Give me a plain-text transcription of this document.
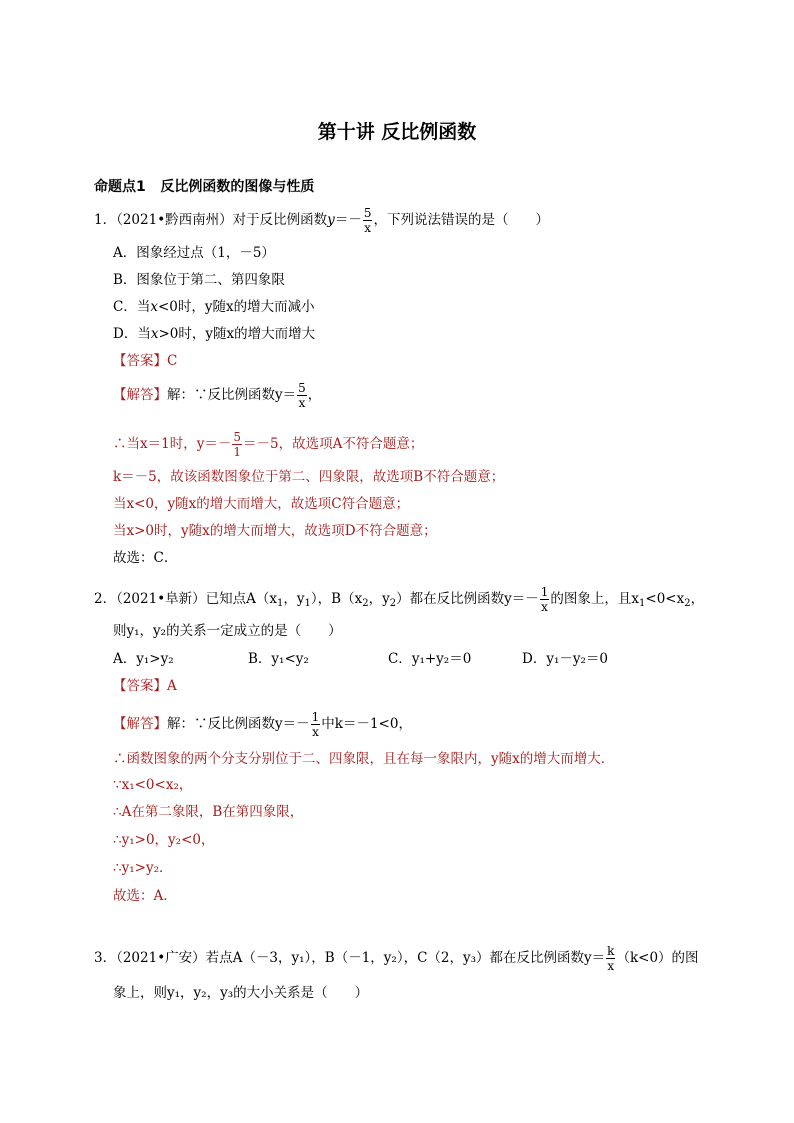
第十讲 反比例函数
命题点1 反比例函数的图像与性质
1．（2021•黔西南州）对于反比例函数$y=- \frac{5}{x}$ ，下列说法错误的是（　　）
A．图象经过点（1，－5）
B．图象位于第二、第四象限
C．当x<0时，y随x的增大而减小
D．当x>0时，y随x的增大而增大
【答案】C
【解答】解：∵反比例函数$y= \frac{5}{x}$ ，
∴当x＝1时，$y=- \frac{5}{1} =-5$，故选项A不符合题意；
k＝－5，故该函数图象位于第二、四象限，故选项B不符合题意；
当x<0，y随x的增大而增大，故选项C符合题意；
当x>0时，y随x的增大而增大，故选项D不符合题意；
故选：C．
2．（2021•阜新）已知点$A(x_1$，$y_1$），$B(x_2$，$y_2$）都在反比例函数$y=- \frac{1}{x}$ 的图象上，且$x_1<0<x_2$，
则y₁，y₂的关系一定成立的是（　　）
A．y₁>y₂	B．y₁<y₂	C．y₁+y₂＝0	D．y₁－y₂＝0
【答案】A
【解答】解：∵反比例函数$y=- \frac{1}{x}$ 中k＝－1<0，
∴函数图象的两个分支分别位于二、四象限，且在每一象限内，y随x的增大而增大．
∵x₁<0<x₂，
∴A在第二象限，B在第四象限，
∴y₁>0，y₂<0，
∴y₁>y₂．
故选：A．
3．（2021•广安）若点A（－3，y₁），B（－1，y₂），C（2，y₃）都在反比例函数$y= \frac{k}{x} (k<0)$的图
象上，则y₁，y₂，y₃的大小关系是（　　）
